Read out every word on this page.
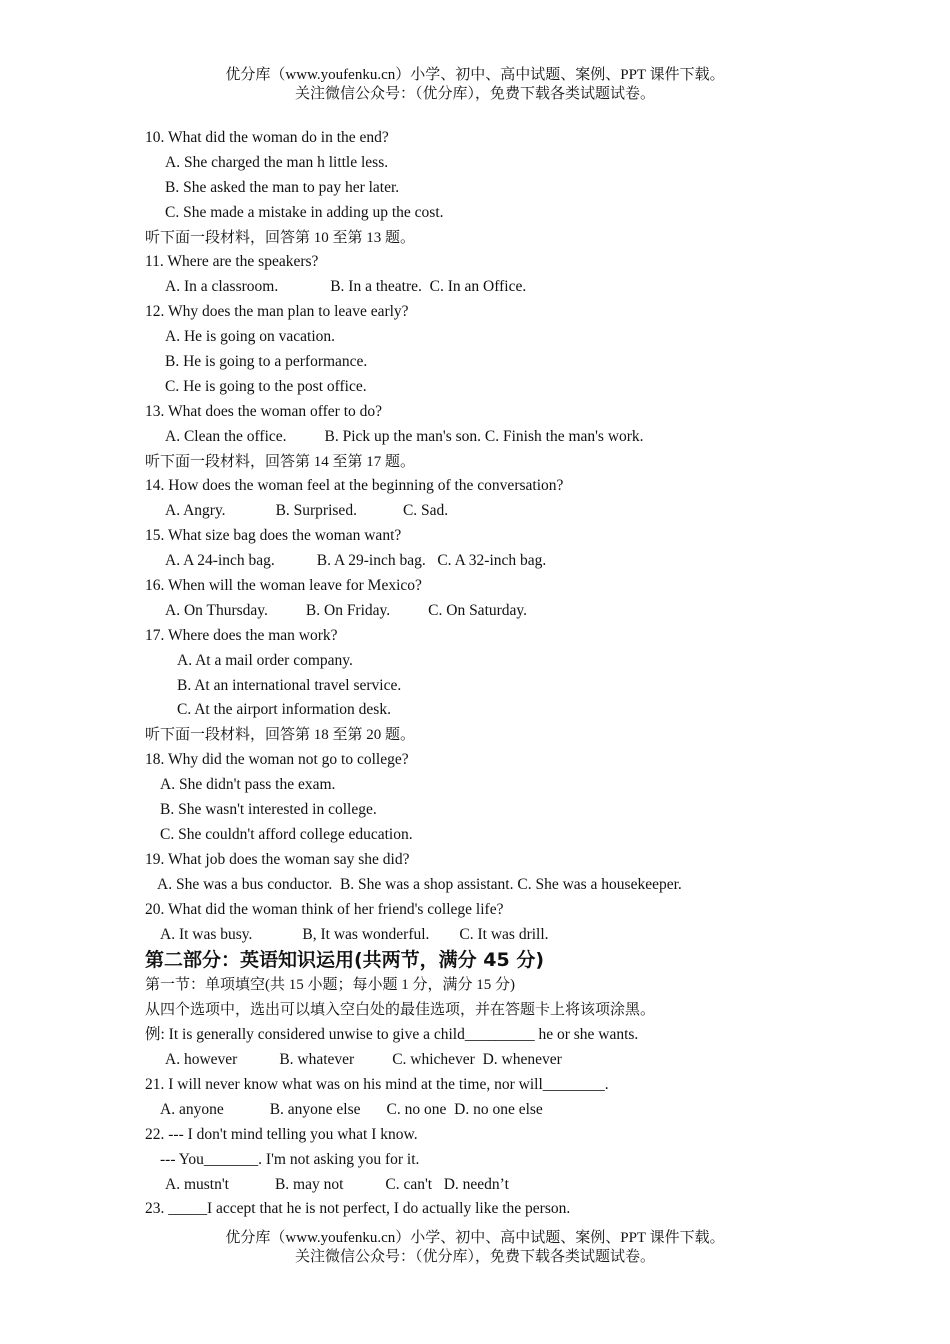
优分库（www.youfenku.cn）小学、初中、高中试题、案例、PPT 课件下载。
关注微信公众号：（优分库），免费下载各类试题试卷。
10. What did the woman do in the end?
A. She charged the man h little less.
B. She asked the man to pay her later.
C. She made a mistake in adding up the cost.
听下面一段材料，回答第 10 至第 13 题。
11. Where are the speakers?
A. In a classroom.	B. In a theatre. C. In an Office.
12. Why does the man plan to leave early?
A. He is going on vacation.
B. He is going to a performance.
C. He is going to the post office.
13. What does the woman offer to do?
A. Clean the office. B. Pick up the man's son. C. Finish the man's work.
听下面一段材料，回答第 14 至第 17 题。
14. How does the woman feel at the beginning of the conversation?
A. Angry.	B. Surprised.	C. Sad.
15. What size bag does the woman want?
A. A 24-inch bag.	B. A 29-inch bag. C. A 32-inch bag.
16. When will the woman leave for Mexico?
A. On Thursday. B. On Friday. C. On Saturday.
17. Where does the man work?
A. At a mail order company.
B. At an international travel service.
C. At the airport information desk.
听下面一段材料，回答第 18 至第 20 题。
18. Why did the woman not go to college?
A. She didn't pass the exam.
B. She wasn't interested in college.
C. She couldn't afford college education.
19. What job does the woman say she did?
A. She was a bus conductor. B. She was a shop assistant. C. She was a housekeeper.
20. What did the woman think of her friend's college life?
A. It was busy.	B, It was wonderful. C. It was drill.
第二部分：英语知识运用(共两节，满分 45 分)
第一节：单项填空(共 15 小题；每小题 1 分，满分 15 分)
从四个选项中，选出可以填入空白处的最佳选项，并在答题卡上将该项涂黑。
例: It is generally considered unwise to give a child_________ he or she wants.
A. however	B. whatever C. whichever D. whenever
21. I will never know what was on his mind at the time, nor will________.
A. anyone	B. anyone else C. no one D. no one else
22. --- I don't mind telling you what I know.
--- You_______. I'm not asking you for it.
A. mustn't	B. may not	C. can't D. needn’t
23. _____I accept that he is not perfect, I do actually like the person.
优分库（www.youfenku.cn）小学、初中、高中试题、案例、PPT 课件下载。
关注微信公众号：（优分库），免费下载各类试题试卷。
